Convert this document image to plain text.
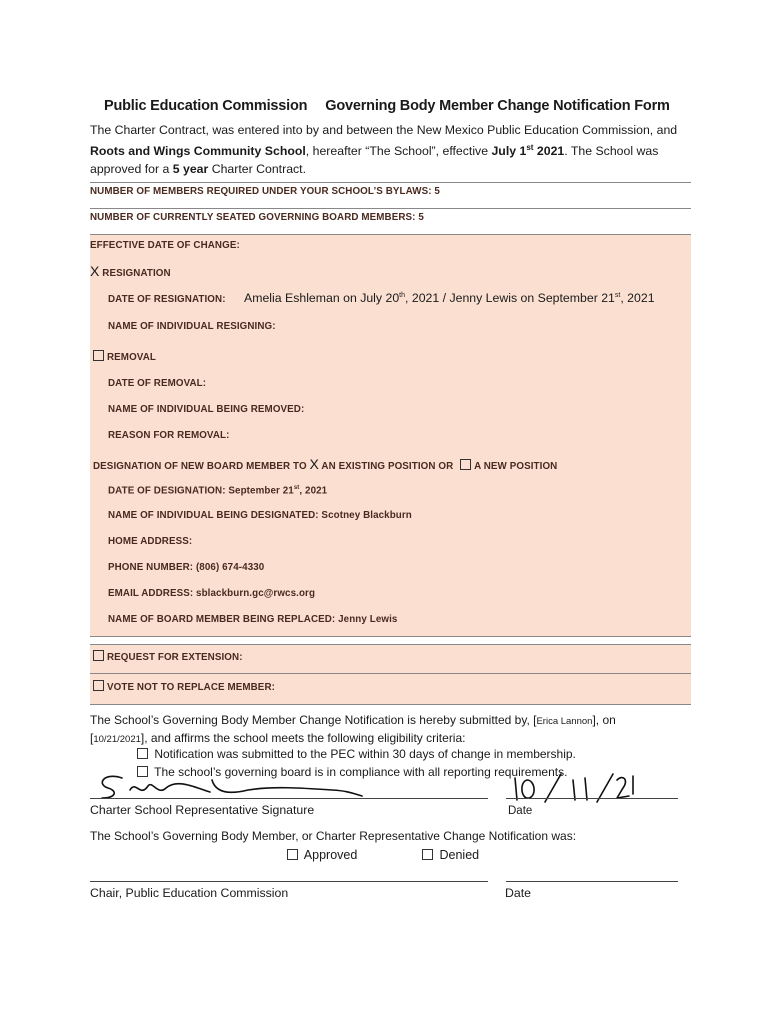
Public Education Commission Governing Body Member Change Notification Form
The Charter Contract, was entered into by and between the New Mexico Public Education Commission, and Roots and Wings Community School, hereafter “The School”, effective July 1st 2021. The School was approved for a 5 year Charter Contract.
NUMBER OF MEMBERS REQUIRED UNDER YOUR SCHOOL’S BYLAWS: 5
NUMBER OF CURRENTLY SEATED GOVERNING BOARD MEMBERS: 5
EFFECTIVE DATE OF CHANGE:
X RESIGNATION
DATE OF RESIGNATION: Amelia Eshleman on July 20th, 2021 / Jenny Lewis on September 21st, 2021
NAME OF INDIVIDUAL RESIGNING:
REMOVAL
DATE OF REMOVAL:
NAME OF INDIVIDUAL BEING REMOVED:
REASON FOR REMOVAL:
DESIGNATION OF NEW BOARD MEMBER TO X AN EXISTING POSITION OR A NEW POSITION
DATE OF DESIGNATION: September 21st, 2021
NAME OF INDIVIDUAL BEING DESIGNATED: Scotney Blackburn
HOME ADDRESS:
PHONE NUMBER: (806) 674-4330
EMAIL ADDRESS: sblackburn.gc@rwcs.org
NAME OF BOARD MEMBER BEING REPLACED: Jenny Lewis
REQUEST FOR EXTENSION:
VOTE NOT TO REPLACE MEMBER:
The School’s Governing Body Member Change Notification is hereby submitted by, [Erica Lannon], on
[10/21/2021], and affirms the school meets the following eligibility criteria:
Notification was submitted to the PEC within 30 days of change in membership.
The school’s governing board is in compliance with all reporting requirements.
Charter School Representative Signature	Date
The School’s Governing Body Member, or Charter Representative Change Notification was:
Approved	Denied
Chair, Public Education Commission	Date
